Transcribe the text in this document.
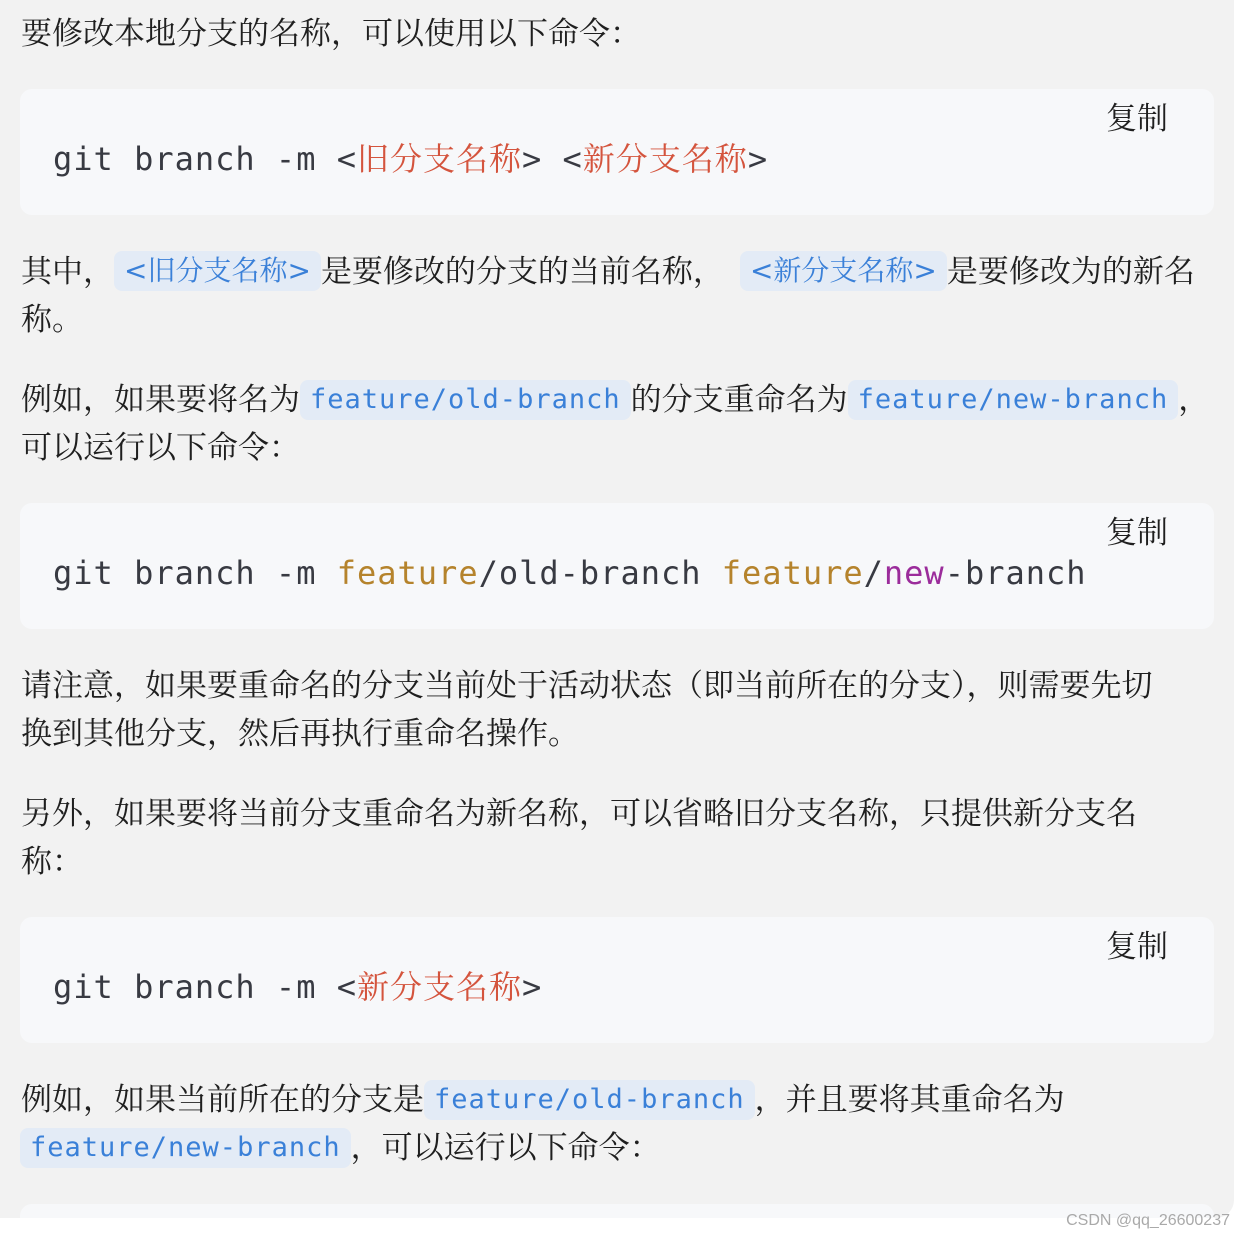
要修改本地分支的名称，可以使用以下命令：
复制
git branch -m <旧分支名称> <新分支名称>
其中， <旧分支名称> 是要修改的分支的当前名称， <新分支名称> 是要修改为的新名
称。
例如，如果要将名为 feature/old-branch 的分支重命名为 feature/new-branch ，
可以运行以下命令：
复制
git branch -m feature/old-branch feature/new-branch
请注意，如果要重命名的分支当前处于活动状态（即当前所在的分支），则需要先切
换到其他分支，然后再执行重命名操作。
另外，如果要将当前分支重命名为新名称，可以省略旧分支名称，只提供新分支名
称：
复制
git branch -m <新分支名称>
例如，如果当前所在的分支是 feature/old-branch ，并且要将其重命名为
feature/new-branch ，可以运行以下命令：
CSDN @qq_26600237
